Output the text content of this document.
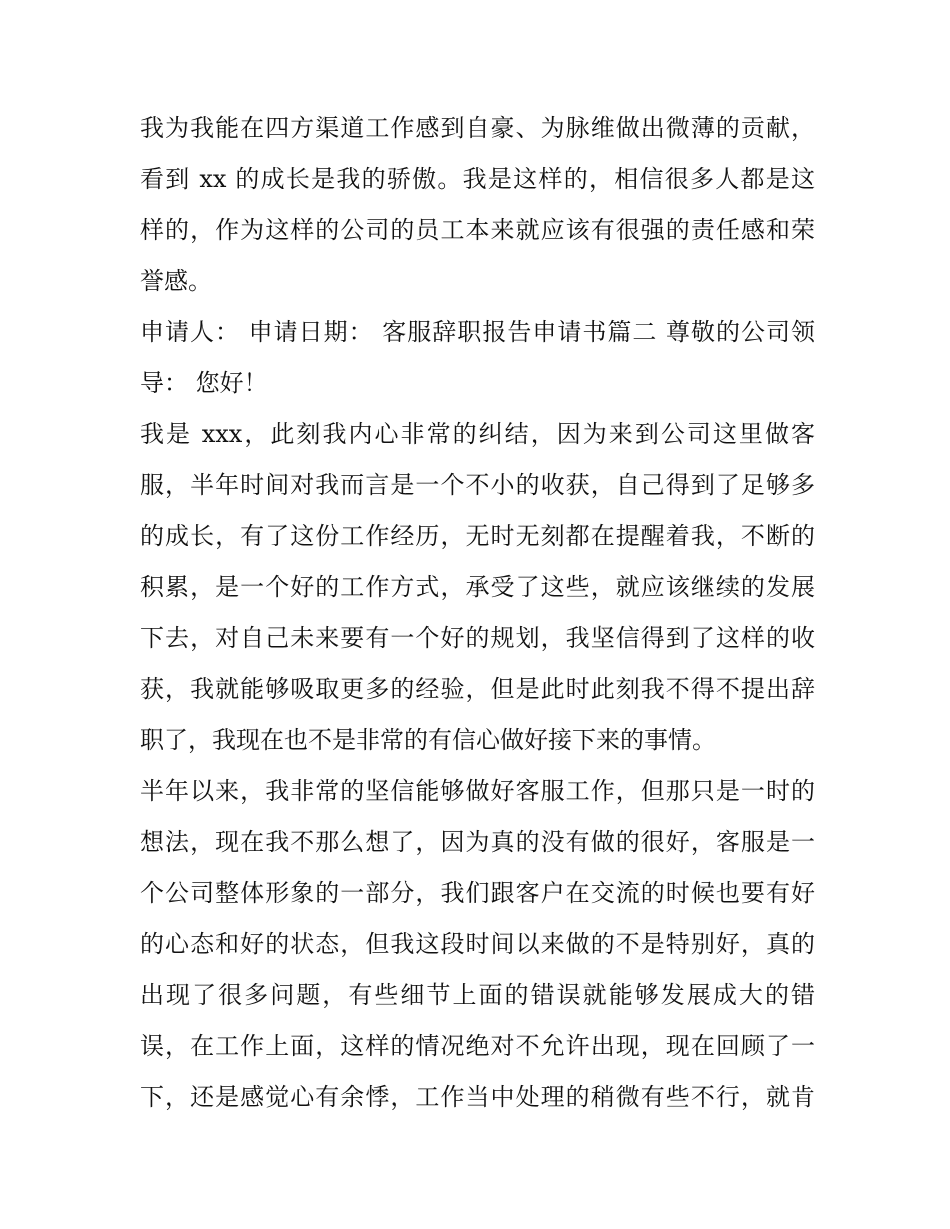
我为我能在四方渠道工作感到自豪、为脉维做出微薄的贡献，
看到 xx 的成长是我的骄傲。我是这样的，相信很多人都是这
样的，作为这样的公司的员工本来就应该有很强的责任感和荣
誉感。
申请人： 申请日期： 客服辞职报告申请书篇二 尊敬的公司领
导： 您好！
我是 xxx，此刻我内心非常的纠结，因为来到公司这里做客
服，半年时间对我而言是一个不小的收获，自己得到了足够多
的成长，有了这份工作经历，无时无刻都在提醒着我，不断的
积累，是一个好的工作方式，承受了这些，就应该继续的发展
下去，对自己未来要有一个好的规划，我坚信得到了这样的收
获，我就能够吸取更多的经验，但是此时此刻我不得不提出辞
职了，我现在也不是非常的有信心做好接下来的事情。
半年以来，我非常的坚信能够做好客服工作，但那只是一时的
想法，现在我不那么想了，因为真的没有做的很好，客服是一
个公司整体形象的一部分，我们跟客户在交流的时候也要有好
的心态和好的状态，但我这段时间以来做的不是特别好，真的
出现了很多问题，有些细节上面的错误就能够发展成大的错
误，在工作上面，这样的情况绝对不允许出现，现在回顾了一
下，还是感觉心有余悸，工作当中处理的稍微有些不行，就肯
